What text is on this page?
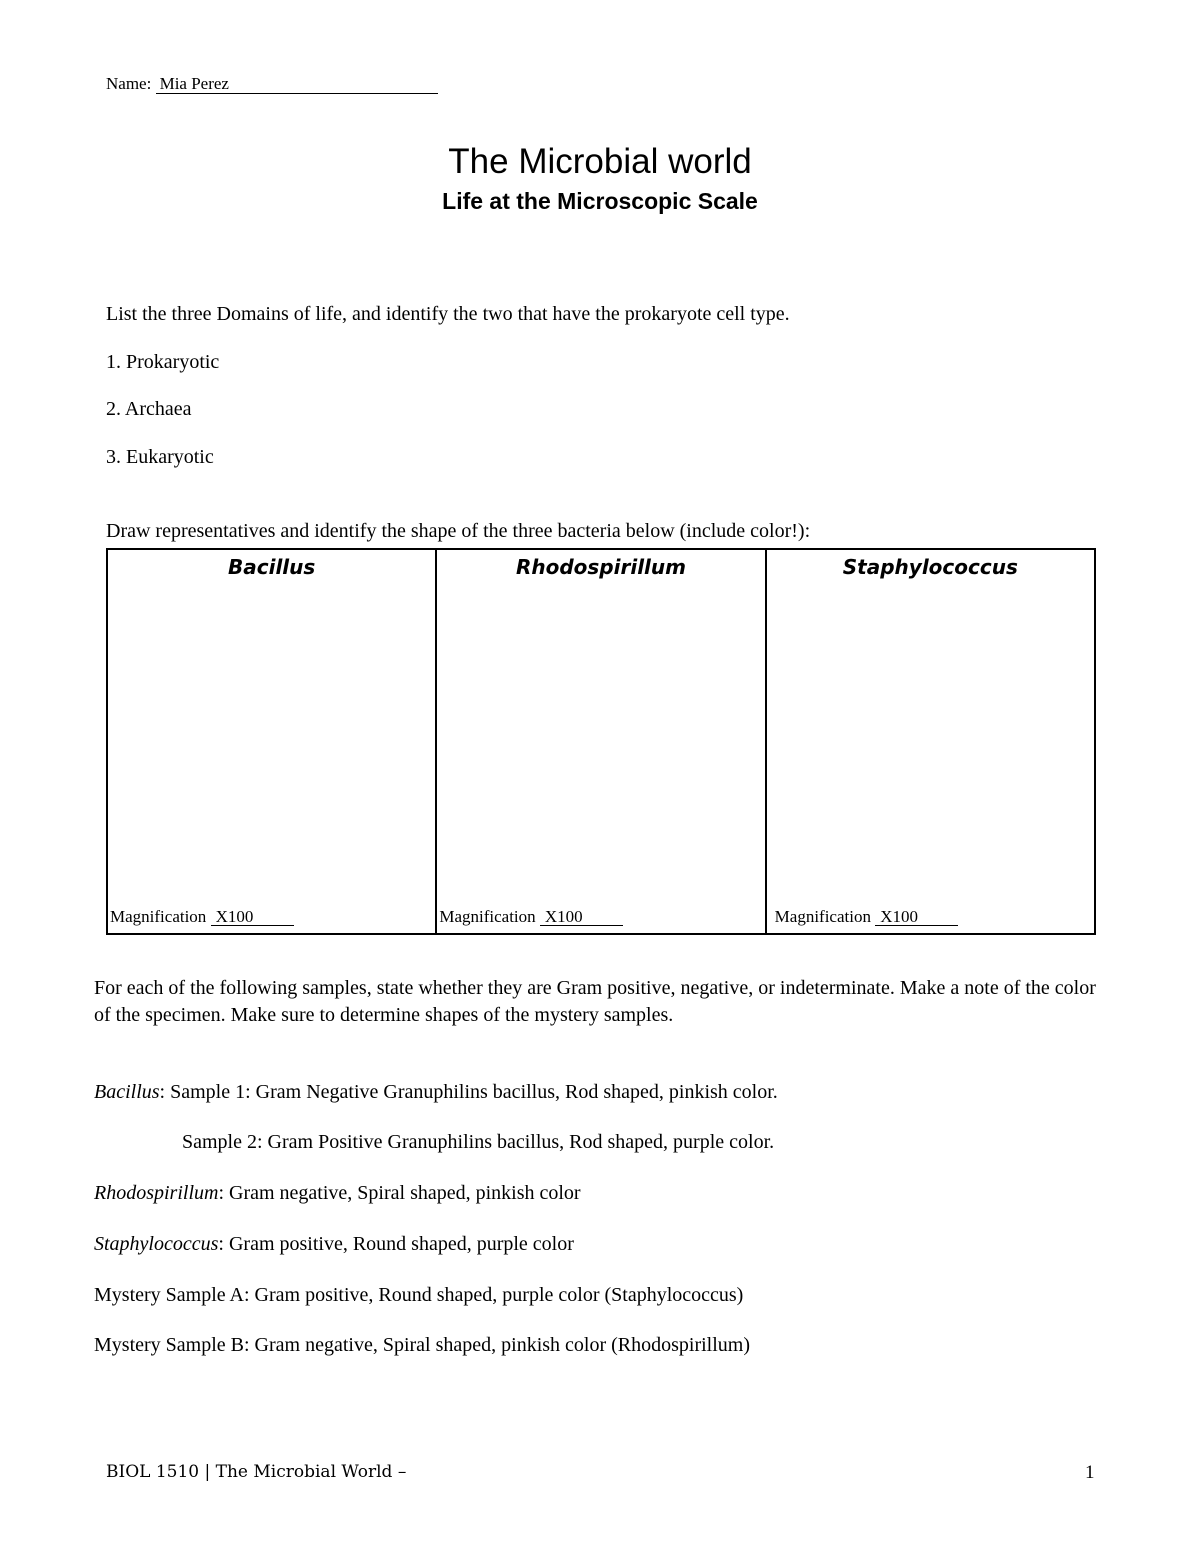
Name: Mia Perez
The Microbial world
Life at the Microscopic Scale
List the three Domains of life, and identify the two that have the prokaryote cell type.
1. Prokaryotic
2. Archaea
3. Eukaryotic
Draw representatives and identify the shape of the three bacteria below (include color!):
Bacillus
Magnification X100

Rhodospirillum
Magnification X100

Staphylococcus
Magnification X100
For each of the following samples, state whether they are Gram positive, negative, or indeterminate. Make a note of the color of the specimen. Make sure to determine shapes of the mystery samples.
Bacillus: Sample 1: Gram Negative Granuphilins bacillus, Rod shaped, pinkish color.
Sample 2: Gram Positive Granuphilins bacillus, Rod shaped, purple color.
Rhodospirillum: Gram negative, Spiral shaped, pinkish color
Staphylococcus: Gram positive, Round shaped, purple color
Mystery Sample A: Gram positive, Round shaped, purple color (Staphylococcus)
Mystery Sample B: Gram negative, Spiral shaped, pinkish color (Rhodospirillum)
BIOL 1510 | The Microbial World –	1
